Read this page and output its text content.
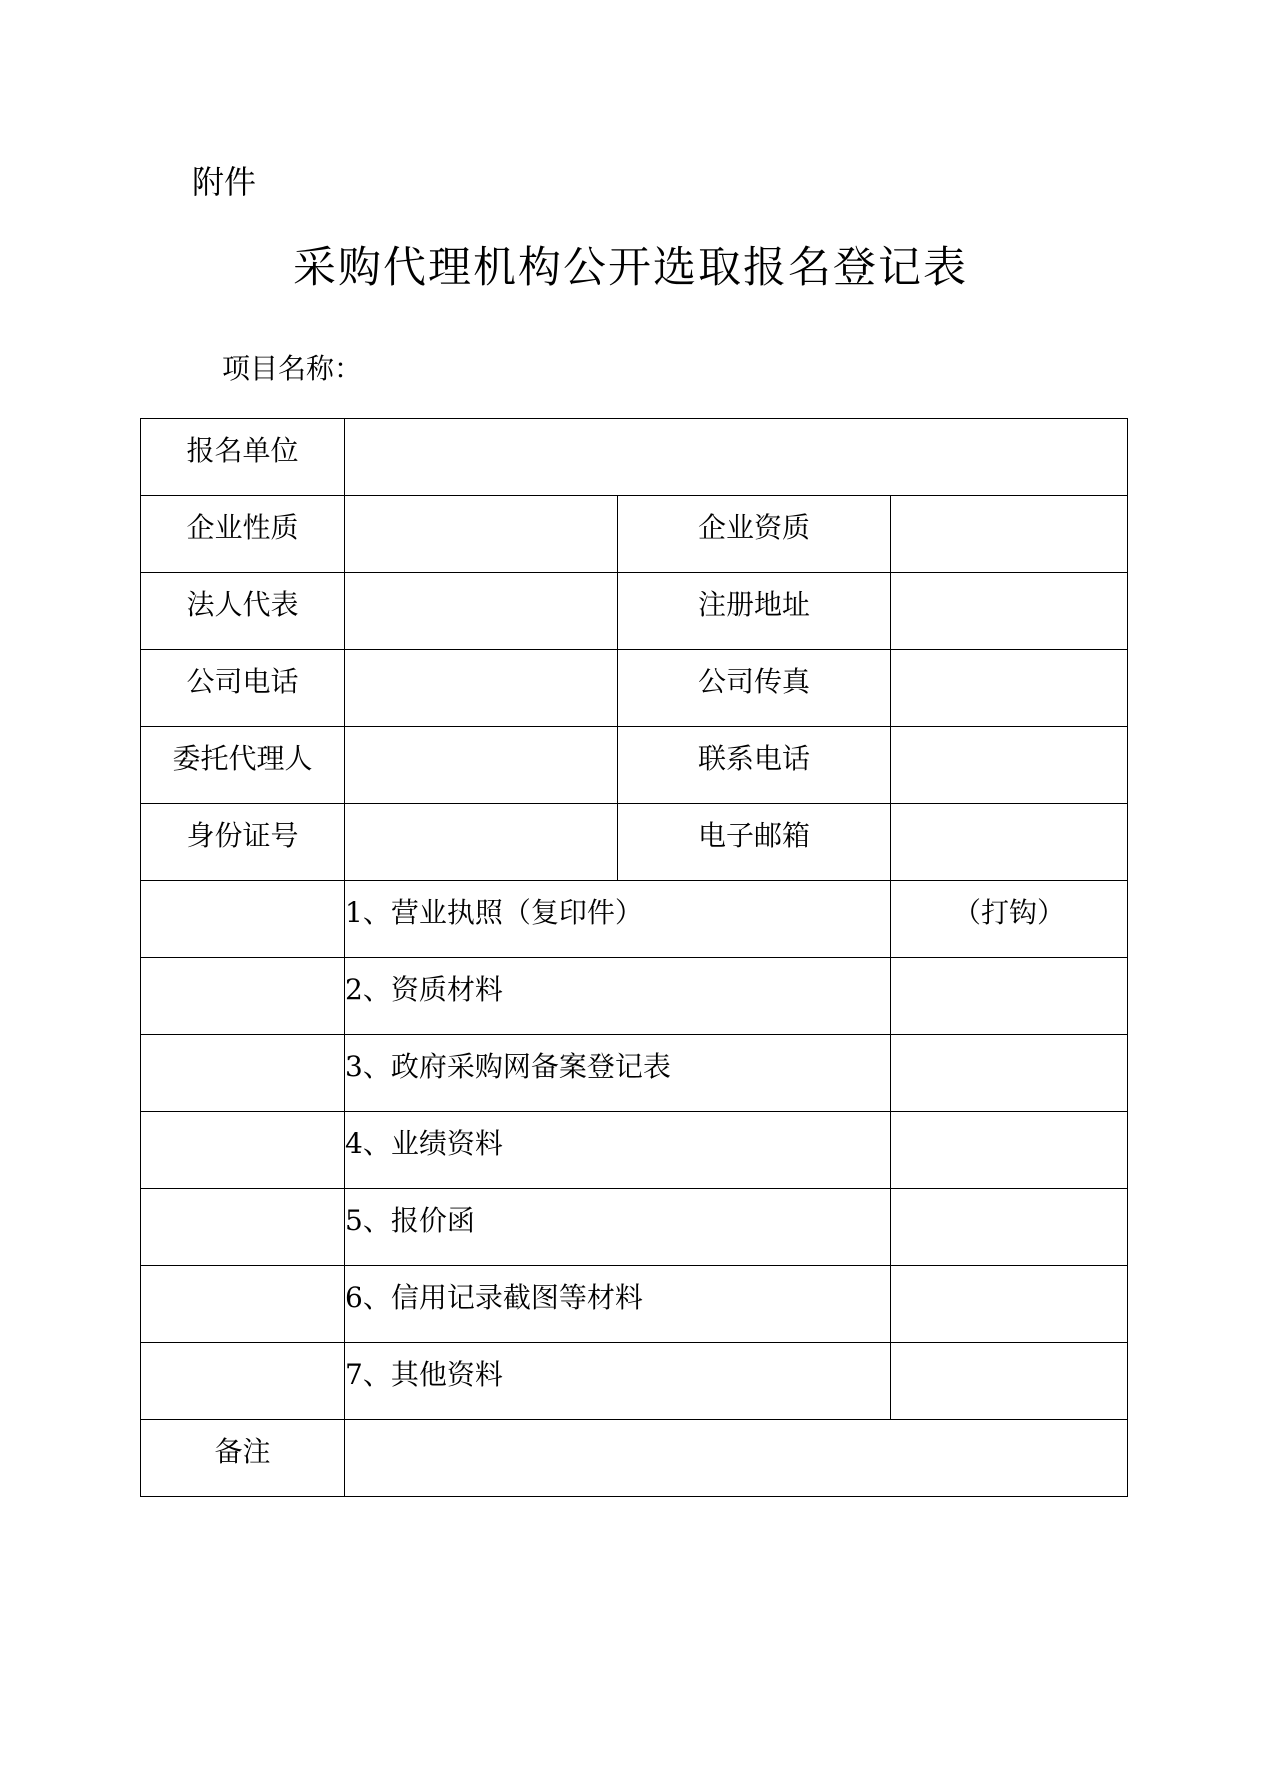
附件
采购代理机构公开选取报名登记表
项目名称：
报名单位			
企业性质		企业资质	
法人代表		注册地址	
公司电话		公司传真	
委托代理人		联系电话	
身份证号		电子邮箱	
	1、营业执照（复印件）		（打钩）
	2、资质材料		
	3、政府采购网备案登记表		
	4、业绩资料		
	5、报价函		
	6、信用记录截图等材料		
	7、其他资料		
备注			
